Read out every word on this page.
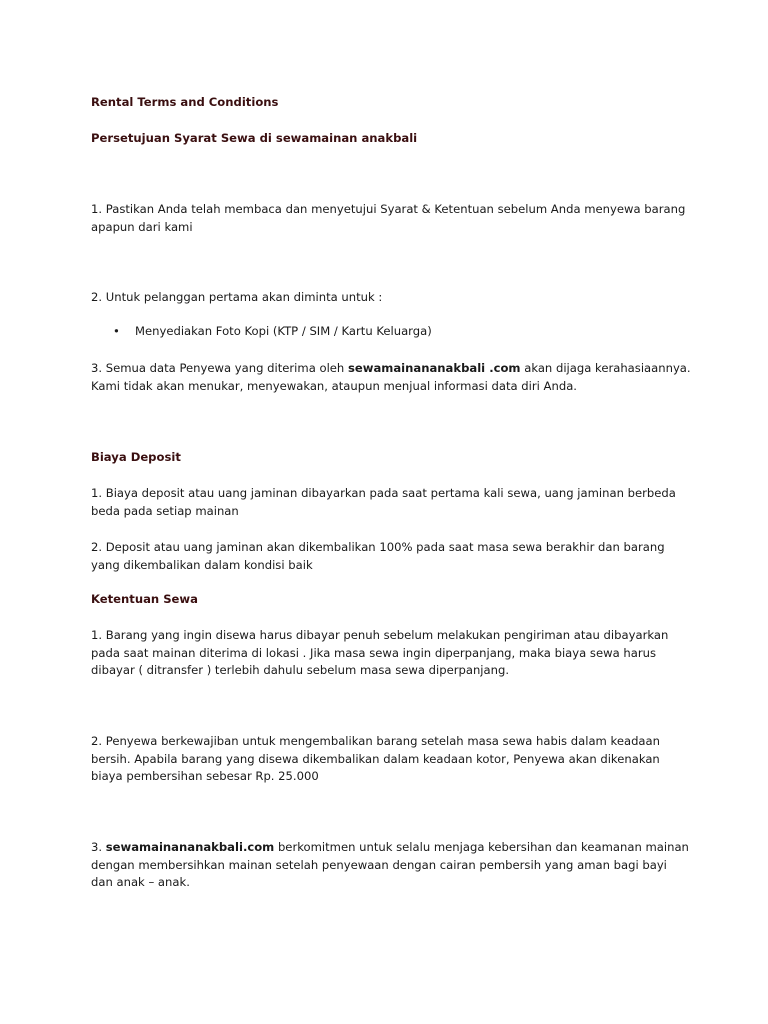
Rental Terms and Conditions

Persetujuan Syarat Sewa di sewamainan anakbali

1. Pastikan Anda telah membaca dan menyetujui Syarat & Ketentuan sebelum Anda menyewa barang apapun dari kami

2. Untuk pelanggan pertama akan diminta untuk :

• Menyediakan Foto Kopi (KTP / SIM / Kartu Keluarga)

3. Semua data Penyewa yang diterima oleh sewamainananakbali .com akan dijaga kerahasiaannya. Kami tidak akan menukar, menyewakan, ataupun menjual informasi data diri Anda.

Biaya Deposit

1. Biaya deposit atau uang jaminan dibayarkan pada saat pertama kali sewa, uang jaminan berbeda beda pada setiap mainan

2. Deposit atau uang jaminan akan dikembalikan 100% pada saat masa sewa berakhir dan barang yang dikembalikan dalam kondisi baik

Ketentuan Sewa

1. Barang yang ingin disewa harus dibayar penuh sebelum melakukan pengiriman atau dibayarkan pada saat mainan diterima di lokasi . Jika masa sewa ingin diperpanjang, maka biaya sewa harus dibayar ( ditransfer ) terlebih dahulu sebelum masa sewa diperpanjang.

2. Penyewa berkewajiban untuk mengembalikan barang setelah masa sewa habis dalam keadaan bersih. Apabila barang yang disewa dikembalikan dalam keadaan kotor, Penyewa akan dikenakan biaya pembersihan sebesar Rp. 25.000

3. sewamainananakbali.com berkomitmen untuk selalu menjaga kebersihan dan keamanan mainan dengan membersihkan mainan setelah penyewaan dengan cairan pembersih yang aman bagi bayi dan anak – anak.
